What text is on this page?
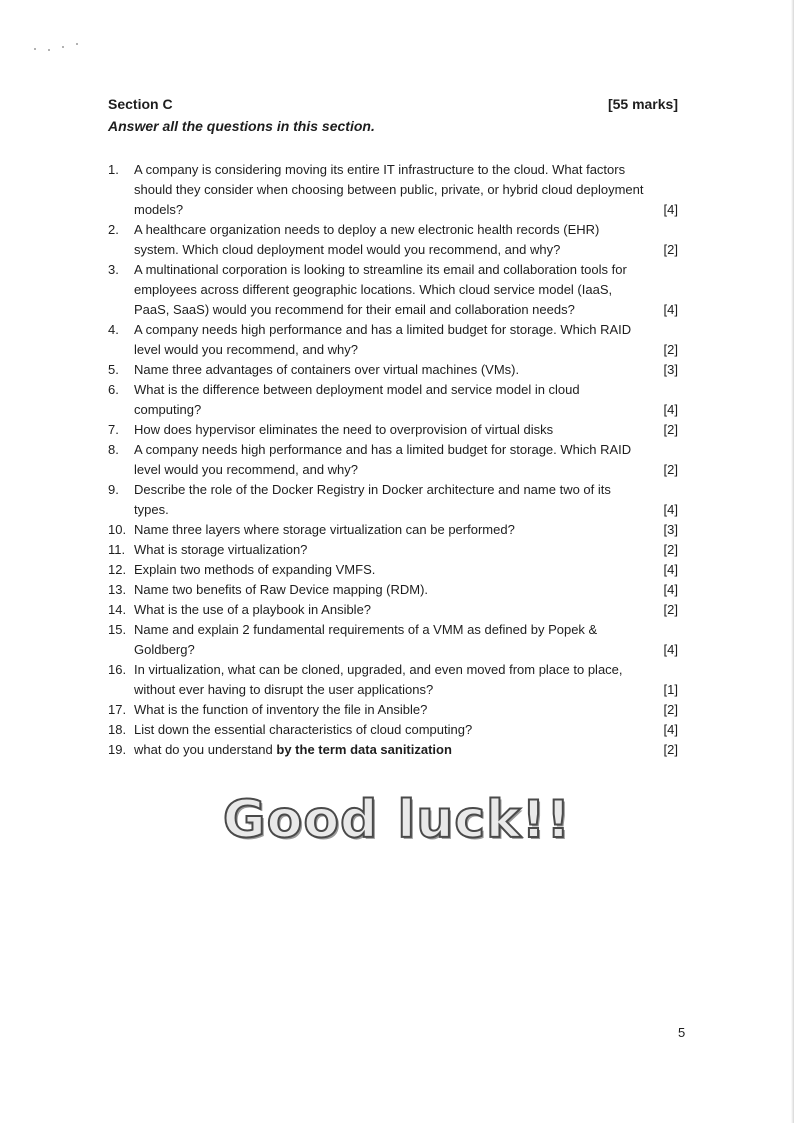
Section C	[55 marks]
Answer all the questions in this section.
1. A company is considering moving its entire IT infrastructure to the cloud. What factors should they consider when choosing between public, private, or hybrid cloud deployment models?	[4]
2. A healthcare organization needs to deploy a new electronic health records (EHR) system. Which cloud deployment model would you recommend, and why?	[2]
3. A multinational corporation is looking to streamline its email and collaboration tools for employees across different geographic locations. Which cloud service model (IaaS, PaaS, SaaS) would you recommend for their email and collaboration needs?	[4]
4. A company needs high performance and has a limited budget for storage. Which RAID level would you recommend, and why?	[2]
5. Name three advantages of containers over virtual machines (VMs).	[3]
6. What is the difference between deployment model and service model in cloud computing?	[4]
7. How does hypervisor eliminates the need to overprovision of virtual disks	[2]
8. A company needs high performance and has a limited budget for storage. Which RAID level would you recommend, and why?	[2]
9. Describe the role of the Docker Registry in Docker architecture and name two of its types.	[4]
10. Name three layers where storage virtualization can be performed?	[3]
11. What is storage virtualization?	[2]
12. Explain two methods of expanding VMFS.	[4]
13. Name two benefits of Raw Device mapping (RDM).	[4]
14. What is the use of a playbook in Ansible?	[2]
15. Name and explain 2 fundamental requirements of a VMM as defined by Popek & Goldberg?	[4]
16. In virtualization, what can be cloned, upgraded, and even moved from place to place, without ever having to disrupt the user applications?	[1]
17. What is the function of inventory the file in Ansible?	[2]
18. List down the essential characteristics of cloud computing?	[4]
19. what do you understand by the term data sanitization	[2]
Good luck!!
5
